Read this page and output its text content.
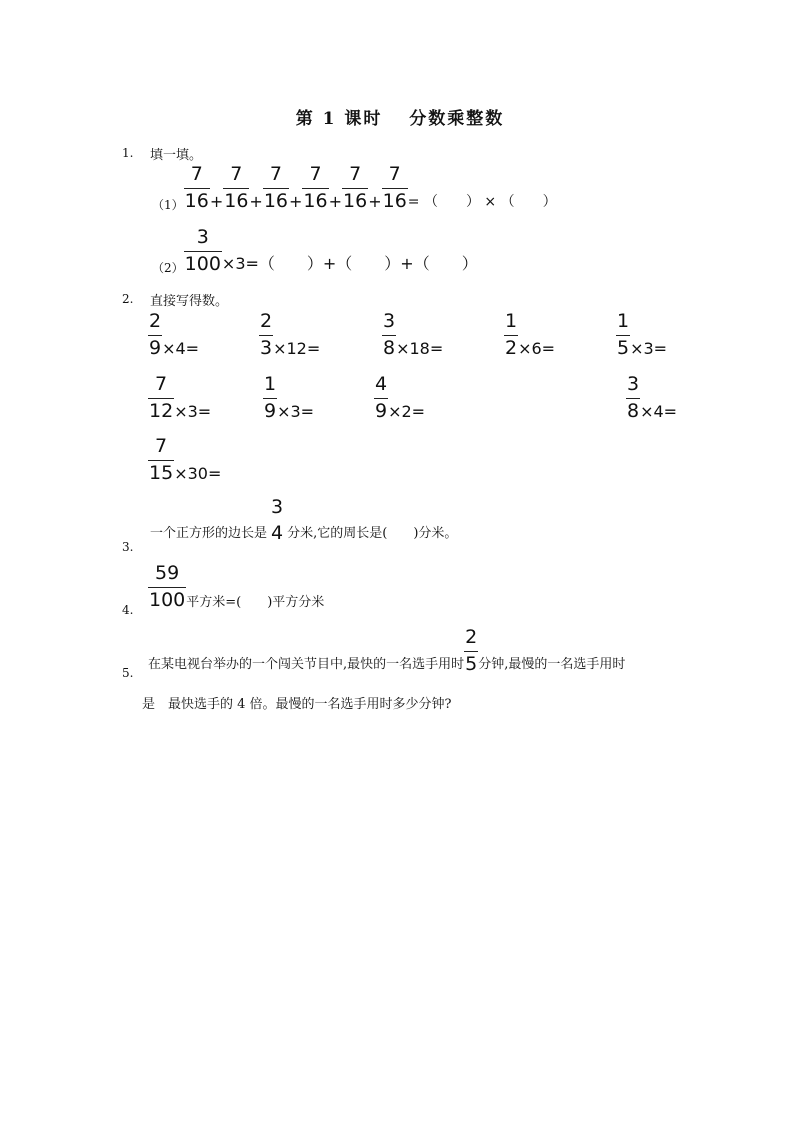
第 1 课时　 分数乘整数
1. 填一填。
$(1) \frac{7}{16} + \frac{7}{16} + \frac{7}{16} + \frac{7}{16} + \frac{7}{16} + \frac{7}{16}$ = （　　） × （　　）
$(2) \frac{3}{100} \times 3=$（　　）+（　　）+（　　）
2. 直接写得数。
$\frac{2}{9} \times 4=$	$\frac{2}{3} \times 12=$	$\frac{3}{8} \times 18=$	$\frac{1}{2} \times 6=$	$\frac{1}{5} \times 3=$
$\frac{7}{12} \times 3=$	$\frac{1}{9} \times 3=$	$\frac{4}{9} \times 2=$	$\frac{3}{8} \times 4=$
$\frac{7}{15} \times 30=$
3.
一个正方形的边长是
3
4 分米,它的周长是(　　)分米。
4. $\frac{59}{100}$ 平方米=(　　)平方分米
5.
在某电视台举办的一个闯关节目中,最快的一名选手用时 $\frac{2}{5}$ 分钟,最慢的一名选手用时
是　最快选手的 4 倍。最慢的一名选手用时多少分钟?
